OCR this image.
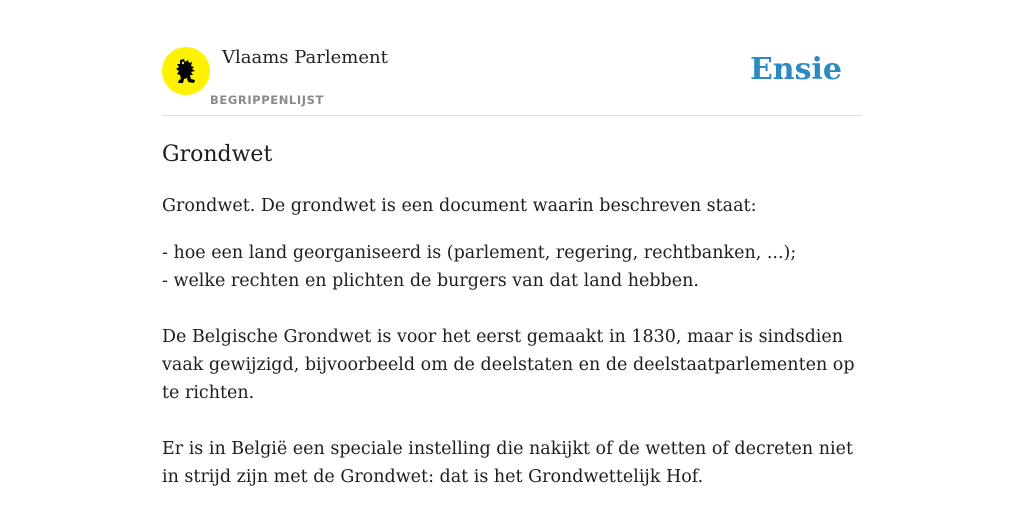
Vlaams Parlement
BEGRIPPENLIJST
Ensie
Grondwet

Grondwet. De grondwet is een document waarin beschreven staat:

- hoe een land georganiseerd is (parlement, regering, rechtbanken, ...);
- welke rechten en plichten de burgers van dat land hebben.

De Belgische Grondwet is voor het eerst gemaakt in 1830, maar is sindsdien vaak gewijzigd, bijvoorbeeld om de deelstaten en de deelstaatparlementen op te richten.

Er is in België een speciale instelling die nakijkt of de wetten of decreten niet in strijd zijn met de Grondwet: dat is het Grondwettelijk Hof.
